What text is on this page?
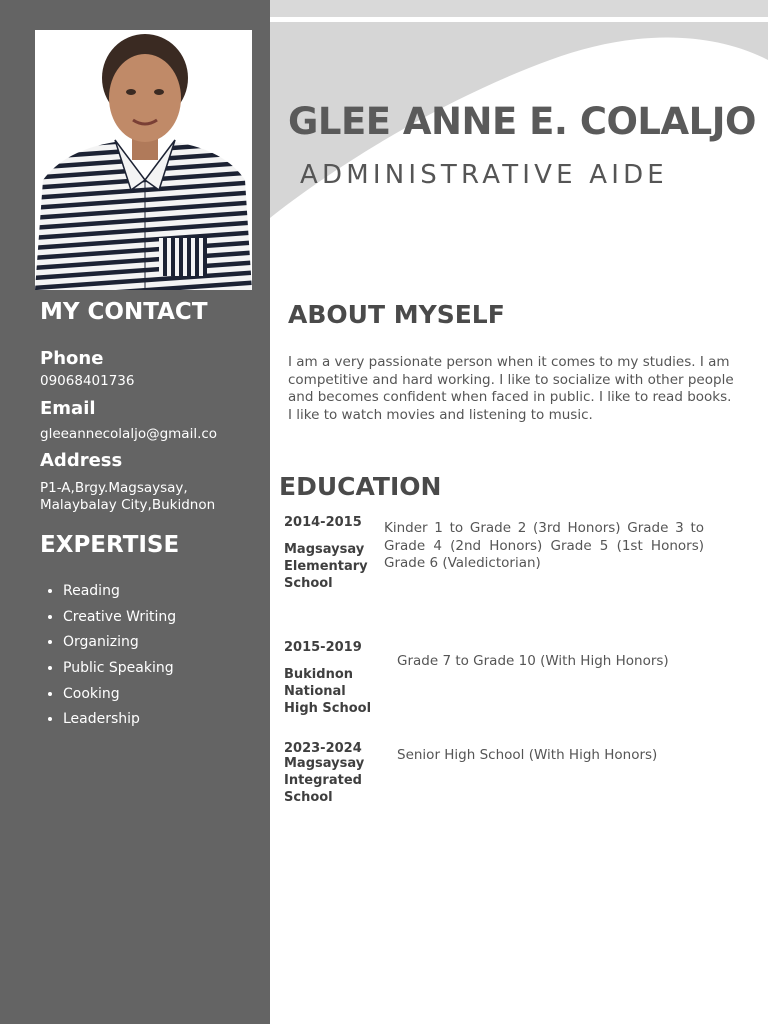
GLEE ANNE E. COLALJO
ADMINISTRATIVE AIDE
MY CONTACT
Phone
09068401736
Email
gleeannecolaljo@gmail.co
Address
P1-A,Brgy.Magsaysay,
Malaybalay City,Bukidnon
EXPERTISE
• Reading
• Creative Writing
• Organizing
• Public Speaking
• Cooking
• Leadership
ABOUT MYSELF

I am a very passionate person when it comes to my studies. I am competitive and hard working. I like to socialize with other people and becomes confident when faced in public. I like to read books. I like to watch movies and listening to music.

EDUCATION
2014-2015
Magsaysay Elementary School
Kinder 1 to Grade 2 (3rd Honors) Grade 3 to Grade 4 (2nd Honors) Grade 5 (1st Honors) Grade 6 (Valedictorian)
2015-2019
Bukidnon National High School
Grade 7 to Grade 10 (With High Honors)
2023-2024
Magsaysay Integrated School
Senior High School (With High Honors)
